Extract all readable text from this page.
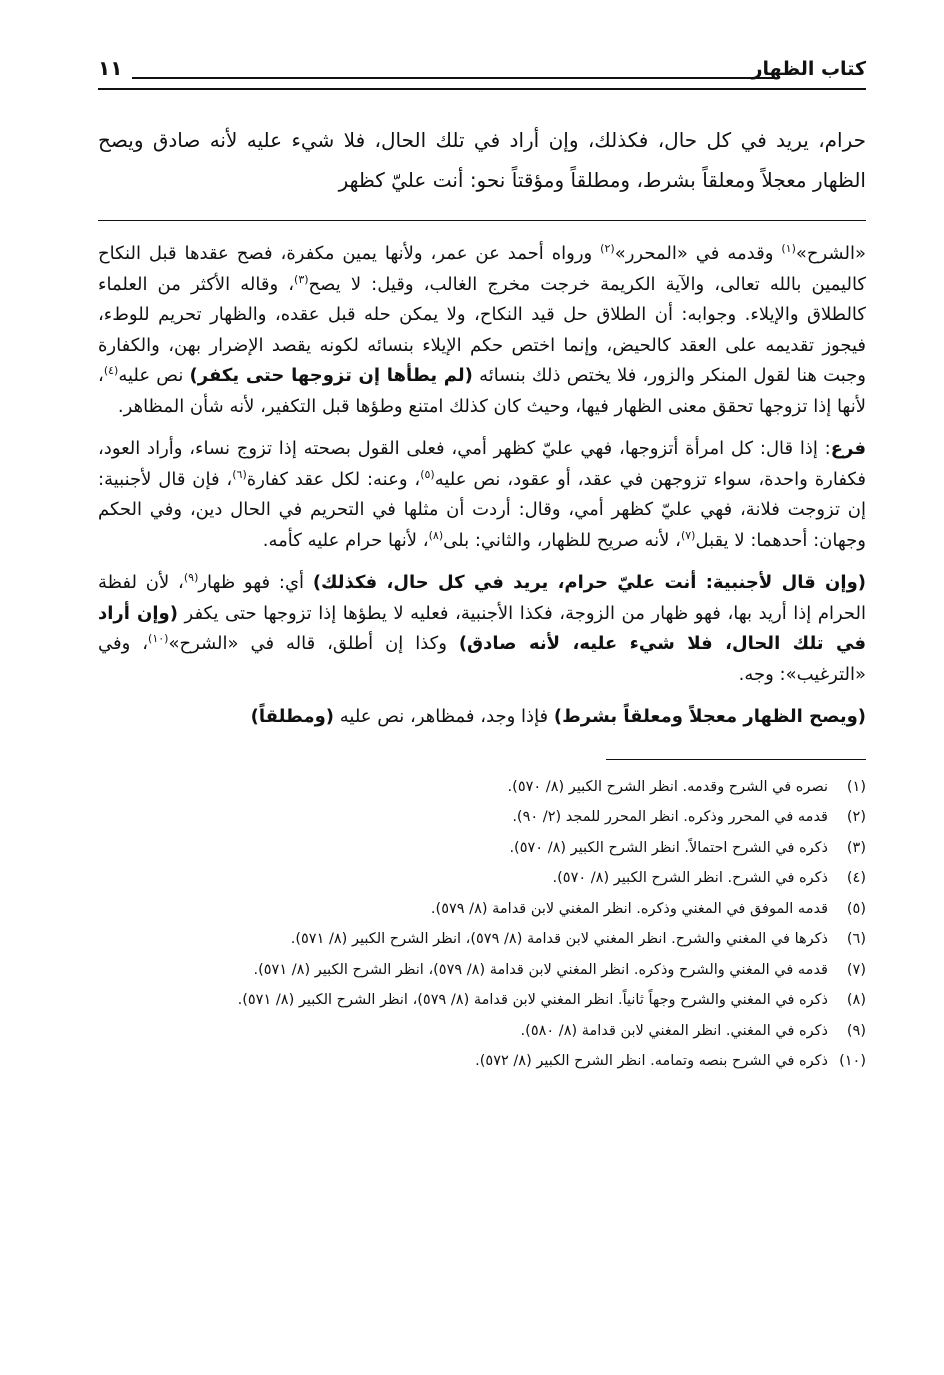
كتاب الظهار
١١
حرام، يريد في كل حال، فكذلك، وإن أراد في تلك الحال، فلا شيء عليه لأنه صادق ويصح الظهار معجلاً ومعلقاً بشرط، ومطلقاً ومؤقتاً نحو: أنت عليّ كظهر

«الشرح»$^{(١)}$ وقدمه في «المحرر»$^{(٢)}$ ورواه أحمد عن عمر، ولأنها يمين مكفرة، فصح عقدها قبل النكاح كاليمين بالله تعالى، والآية الكريمة خرجت مخرج الغالب، وقيل: لا يصح$^{(٣)}$، وقاله الأكثر من العلماء كالطلاق والإيلاء. وجوابه: أن الطلاق حل قيد النكاح، ولا يمكن حله قبل عقده، والظهار تحريم للوطء، فيجوز تقديمه على العقد كالحيض، وإنما اختص حكم الإيلاء بنسائه لكونه يقصد الإضرار بهن، والكفارة وجبت هنا لقول المنكر والزور، فلا يختص ذلك بنسائه (لم يطأها إن تزوجها حتى يكفر) نص عليه$^{(٤)}$، لأنها إذا تزوجها تحقق معنى الظهار فيها، وحيث كان كذلك امتنع وطؤها قبل التكفير، لأنه شأن المظاهر.

فرع: إذا قال: كل امرأة أتزوجها، فهي عليّ كظهر أمي، فعلى القول بصحته إذا تزوج نساء، وأراد العود، فكفارة واحدة، سواء تزوجهن في عقد، أو عقود، نص عليه$^{(٥)}$، وعنه: لكل عقد كفارة$^{(٦)}$، فإن قال لأجنبية: إن تزوجت فلانة، فهي عليّ كظهر أمي، وقال: أردت أن مثلها في التحريم في الحال دين، وفي الحكم وجهان: أحدهما: لا يقبل$^{(٧)}$، لأنه صريح للظهار، والثاني: بلى$^{(٨)}$، لأنها حرام عليه كأمه.

(وإن قال لأجنبية: أنت عليّ حرام، يريد في كل حال، فكذلك) أي: فهو ظهار$^{(٩)}$، لأن لفظة الحرام إذا أريد بها، فهو ظهار من الزوجة، فكذا الأجنبية، فعليه لا يطؤها إذا تزوجها حتى يكفر (وإن أراد في تلك الحال، فلا شيء عليه، لأنه صادق) وكذا إن أطلق، قاله في «الشرح»$^{(١٠)}$، وفي «الترغيب»: وجه.

(ويصح الظهار معجلاً ومعلقاً بشرط) فإذا وجد، فمظاهر، نص عليه (ومطلقاً)

(١)
نصره في الشرح وقدمه. انظر الشرح الكبير (٨/ ٥٧٠).
(٢)
قدمه في المحرر وذكره. انظر المحرر للمجد (٢/ ٩٠).
(٣)
ذكره في الشرح احتمالاً. انظر الشرح الكبير (٨/ ٥٧٠).
(٤)
ذكره في الشرح. انظر الشرح الكبير (٨/ ٥٧٠).
(٥)
قدمه الموفق في المغني وذكره. انظر المغني لابن قدامة (٨/ ٥٧٩).
(٦)
ذكرها في المغني والشرح. انظر المغني لابن قدامة (٨/ ٥٧٩)، انظر الشرح الكبير (٨/ ٥٧١).
(٧)
قدمه في المغني والشرح وذكره. انظر المغني لابن قدامة (٨/ ٥٧٩)، انظر الشرح الكبير (٨/ ٥٧١).
(٨)
ذكره في المغني والشرح وجهاً ثانياً. انظر المغني لابن قدامة (٨/ ٥٧٩)، انظر الشرح الكبير (٨/ ٥٧١).
(٩)
ذكره في المغني. انظر المغني لابن قدامة (٨/ ٥٨٠).
(١٠)
ذكره في الشرح بنصه وتمامه. انظر الشرح الكبير (٨/ ٥٧٢).
